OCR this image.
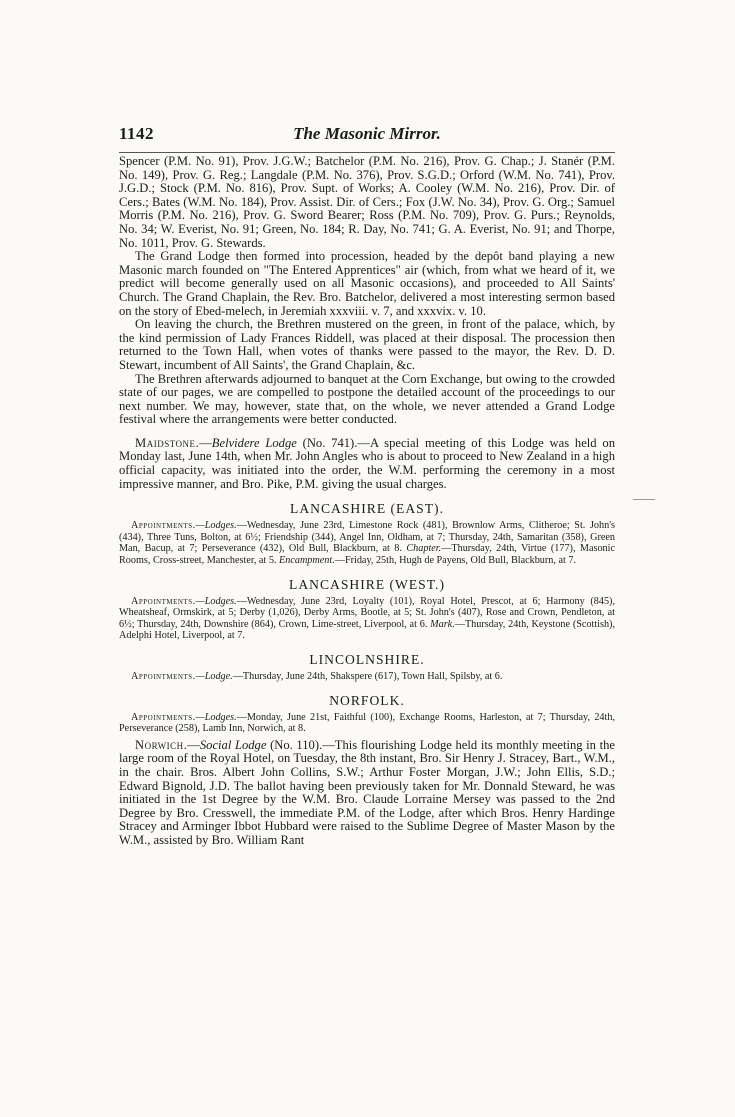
1142	The Masonic Mirror.

Spencer (P.M. No. 91), Prov. J.G.W.; Batchelor (P.M. No. 216), Prov. G. Chap.; J. Stanér (P.M. No. 149), Prov. G. Reg.; Langdale (P.M. No. 376), Prov. S.G.D.; Orford (W.M. No. 741), Prov. J.G.D.; Stock (P.M. No. 816), Prov. Supt. of Works; A. Cooley (W.M. No. 216), Prov. Dir. of Cers.; Bates (W.M. No. 184), Prov. Assist. Dir. of Cers.; Fox (J.W. No. 34), Prov. G. Org.; Samuel Morris (P.M. No. 216), Prov. G. Sword Bearer; Ross (P.M. No. 709), Prov. G. Purs.; Reynolds, No. 34; W. Everist, No. 91; Green, No. 184; R. Day, No. 741; G. A. Everist, No. 91; and Thorpe, No. 1011, Prov. G. Stewards.

The Grand Lodge then formed into procession, headed by the depôt band playing a new Masonic march founded on "The Entered Apprentices" air (which, from what we heard of it, we predict will become generally used on all Masonic occasions), and proceeded to All Saints' Church. The Grand Chaplain, the Rev. Bro. Batchelor, delivered a most interesting sermon based on the story of Ebed-melech, in Jeremiah xxxviii. v. 7, and xxxvix. v. 10.

On leaving the church, the Brethren mustered on the green, in front of the palace, which, by the kind permission of Lady Frances Riddell, was placed at their disposal. The procession then returned to the Town Hall, when votes of thanks were passed to the mayor, the Rev. D. D. Stewart, incumbent of All Saints', the Grand Chaplain, &c.

The Brethren afterwards adjourned to banquet at the Corn Exchange, but owing to the crowded state of our pages, we are compelled to postpone the detailed account of the proceedings to our next number. We may, however, state that, on the whole, we never attended a Grand Lodge festival where the arrangements were better conducted.

Maidstone.—Belvidere Lodge (No. 741).—A special meeting of this Lodge was held on Monday last, June 14th, when Mr. John Angles who is about to proceed to New Zealand in a high official capacity, was initiated into the order, the W.M. performing the ceremony in a most impressive manner, and Bro. Pike, P.M. giving the usual charges.

LANCASHIRE (EAST).

Appointments.—Lodges.—Wednesday, June 23rd, Limestone Rock (481), Brownlow Arms, Clitheroe; St. John's (434), Three Tuns, Bolton, at 6½; Friendship (344), Angel Inn, Oldham, at 7; Thursday, 24th, Samaritan (358), Green Man, Bacup, at 7; Perseverance (432), Old Bull, Blackburn, at 8. Chapter.—Thursday, 24th, Virtue (177), Masonic Rooms, Cross-street, Manchester, at 5. Encampment.—Friday, 25th, Hugh de Payens, Old Bull, Blackburn, at 7.

LANCASHIRE (WEST.)

Appointments.—Lodges.—Wednesday, June 23rd, Loyalty (101), Royal Hotel, Prescot, at 6; Harmony (845), Wheatsheaf, Ormskirk, at 5; Derby (1,026), Derby Arms, Bootle, at 5; St. John's (407), Rose and Crown, Pendleton, at 6½; Thursday, 24th, Downshire (864), Crown, Lime-street, Liverpool, at 6. Mark.—Thursday, 24th, Keystone (Scottish), Adelphi Hotel, Liverpool, at 7.

LINCOLNSHIRE.

Appointments.—Lodge.—Thursday, June 24th, Shakspere (617), Town Hall, Spilsby, at 6.

NORFOLK.

Appointments.—Lodges.—Monday, June 21st, Faithful (100), Exchange Rooms, Harleston, at 7; Thursday, 24th, Perseverance (258), Lamb Inn, Norwich, at 8.

Norwich.—Social Lodge (No. 110).—This flourishing Lodge held its monthly meeting in the large room of the Royal Hotel, on Tuesday, the 8th instant, Bro. Sir Henry J. Stracey, Bart., W.M., in the chair. Bros. Albert John Collins, S.W.; Arthur Foster Morgan, J.W.; John Ellis, S.D.; Edward Bignold, J.D. The ballot having been previously taken for Mr. Donnald Steward, he was initiated in the 1st Degree by the W.M. Bro. Claude Lorraine Mersey was passed to the 2nd Degree by Bro. Cresswell, the immediate P.M. of the Lodge, after which Bros. Henry Hardinge Stracey and Arminger Ibbot Hubbard were raised to the Sublime Degree of Master Mason by the W.M., assisted by Bro. William Rant
